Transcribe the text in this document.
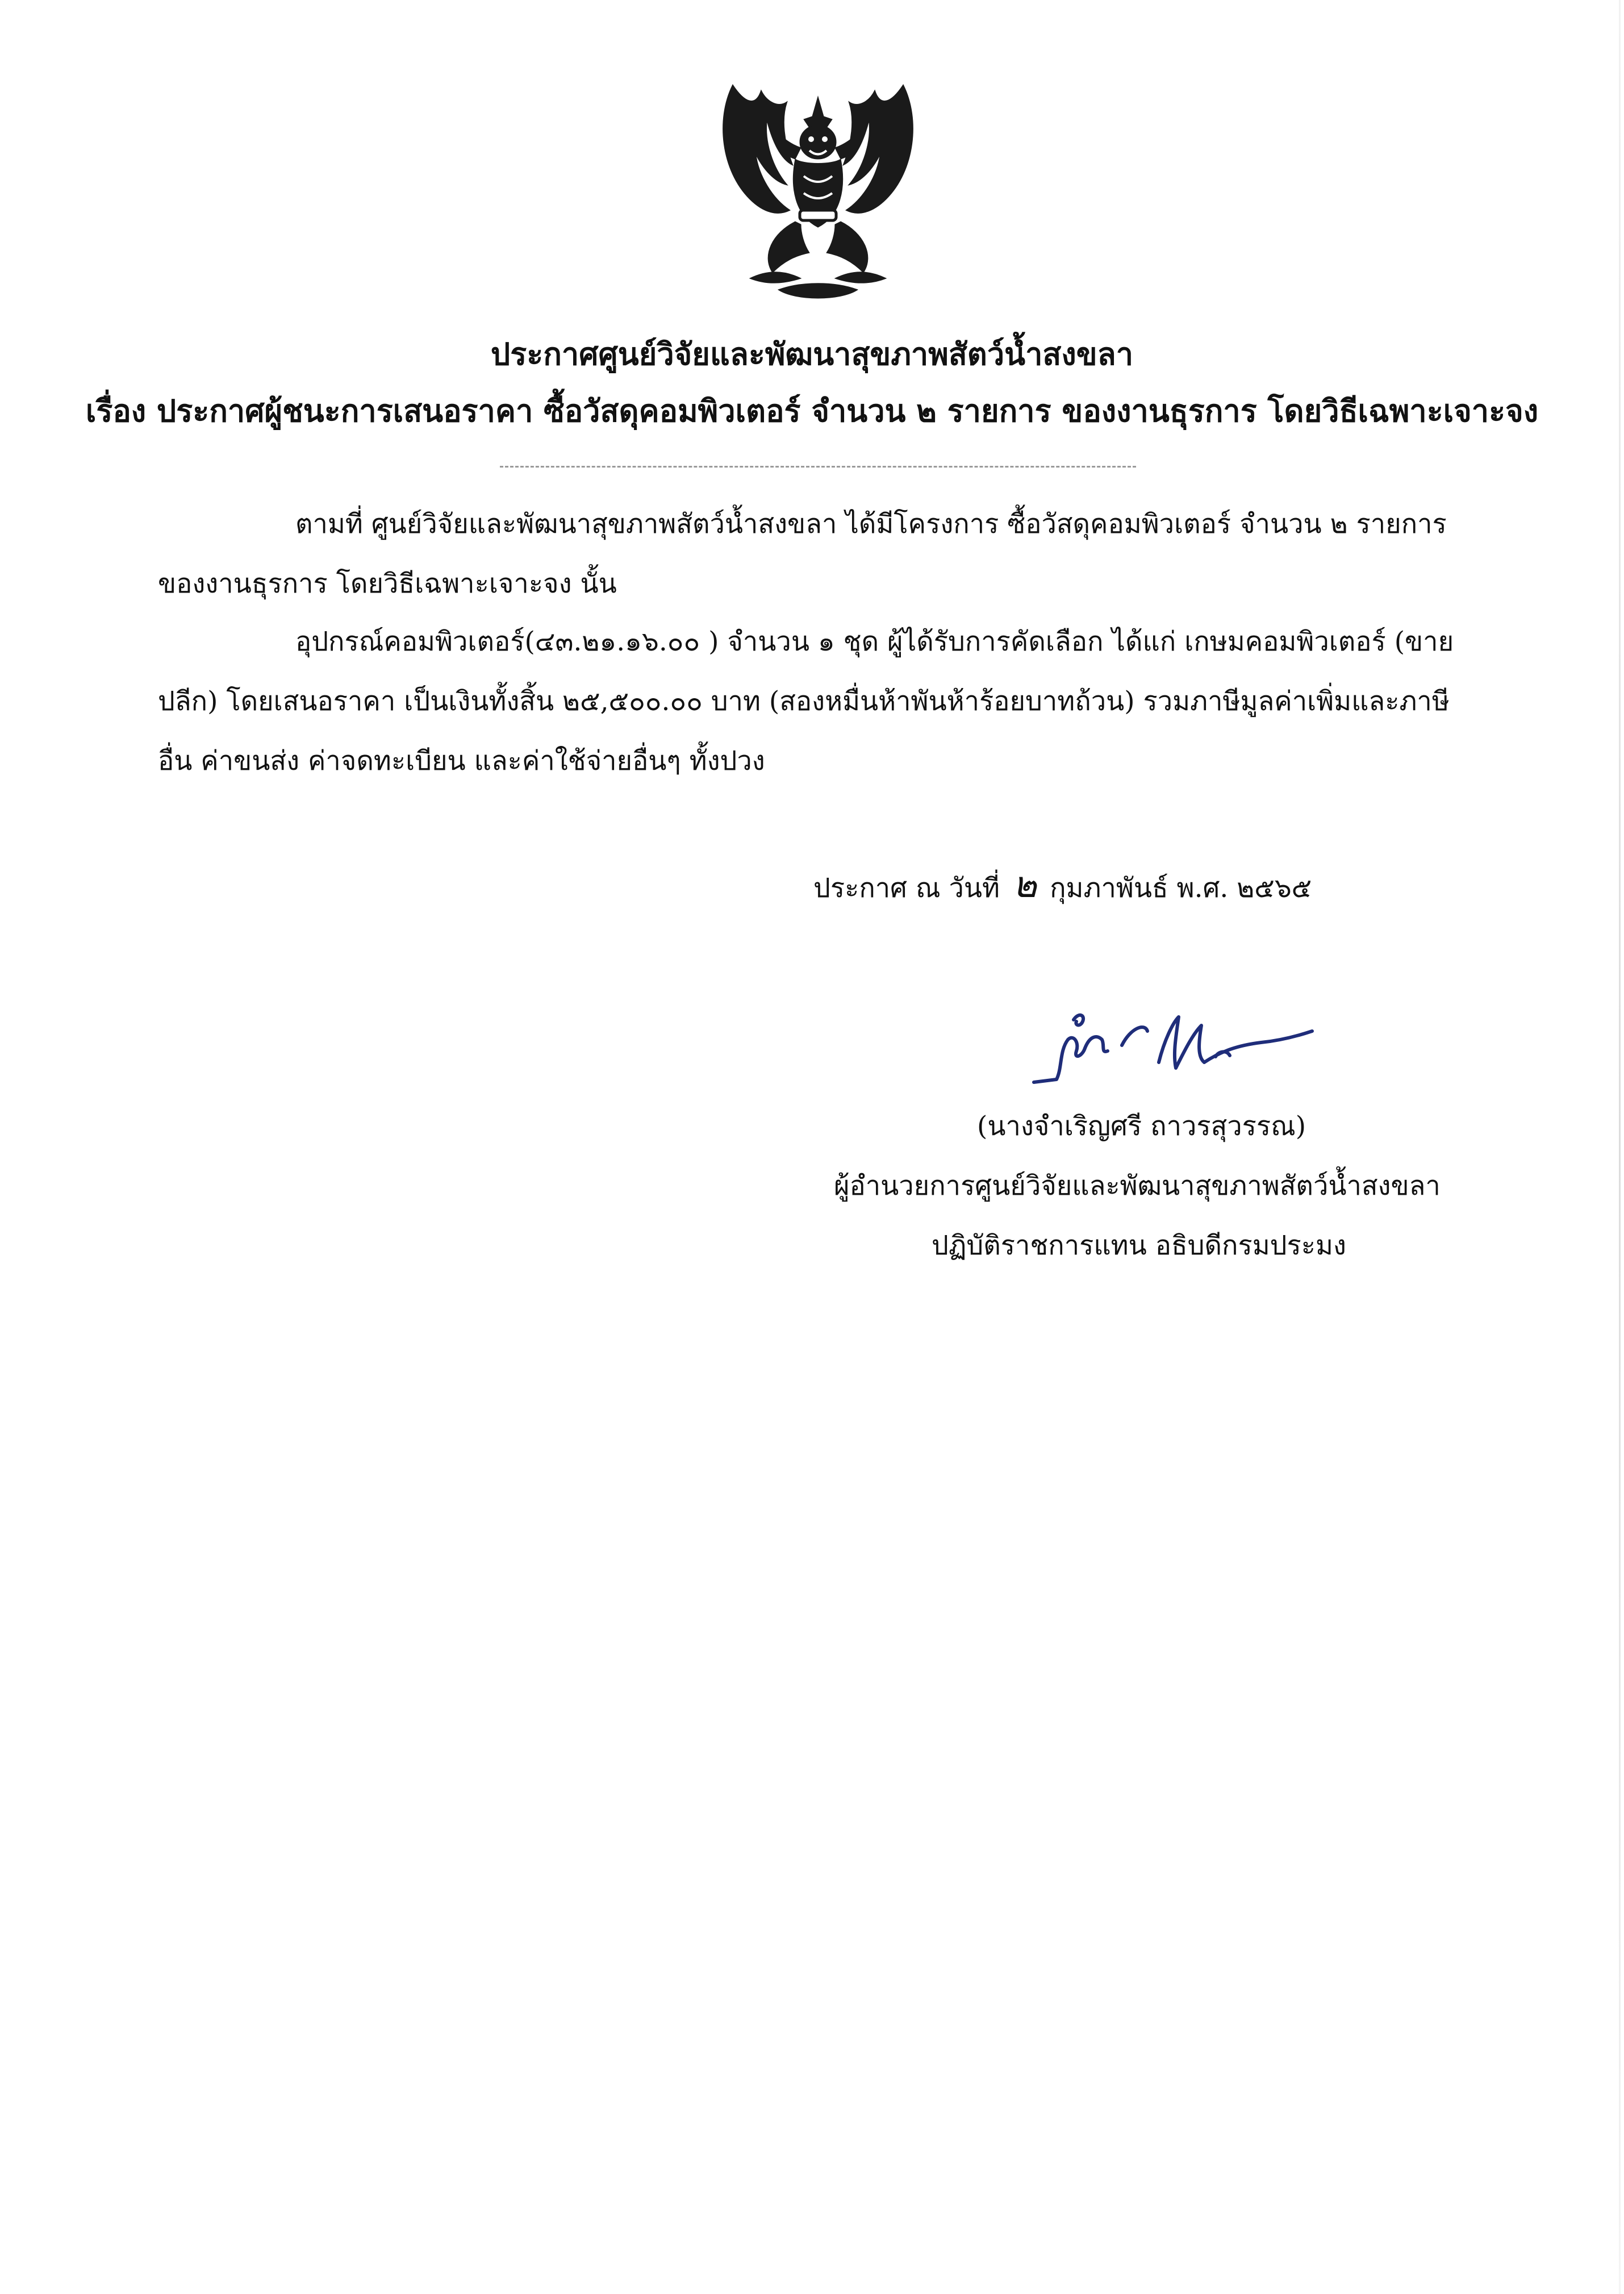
ประกาศศูนย์วิจัยและพัฒนาสุขภาพสัตว์น้ำสงขลา
เรื่อง ประกาศผู้ชนะการเสนอราคา ซื้อวัสดุคอมพิวเตอร์ จำนวน ๒ รายการ ของงานธุรการ โดยวิธีเฉพาะเจาะจง
ตามที่ ศูนย์วิจัยและพัฒนาสุขภาพสัตว์น้ำสงขลา ได้มีโครงการ ซื้อวัสดุคอมพิวเตอร์ จำนวน ๒ รายการ
ของงานธุรการ โดยวิธีเฉพาะเจาะจง นั้น
อุปกรณ์คอมพิวเตอร์(๔๓.๒๑.๑๖.๐๐ ) จำนวน ๑ ชุด ผู้ได้รับการคัดเลือก ได้แก่ เกษมคอมพิวเตอร์ (ขาย
ปลีก) โดยเสนอราคา เป็นเงินทั้งสิ้น ๒๕,๕๐๐.๐๐ บาท (สองหมื่นห้าพันห้าร้อยบาทถ้วน) รวมภาษีมูลค่าเพิ่มและภาษี
อื่น ค่าขนส่ง ค่าจดทะเบียน และค่าใช้จ่ายอื่นๆ ทั้งปวง
ประกาศ ณ วันที่ ๒ กุมภาพันธ์ พ.ศ. ๒๕๖๕
(นางจำเริญศรี ถาวรสุวรรณ)
ผู้อำนวยการศูนย์วิจัยและพัฒนาสุขภาพสัตว์น้ำสงขลา
ปฏิบัติราชการแทน อธิบดีกรมประมง
